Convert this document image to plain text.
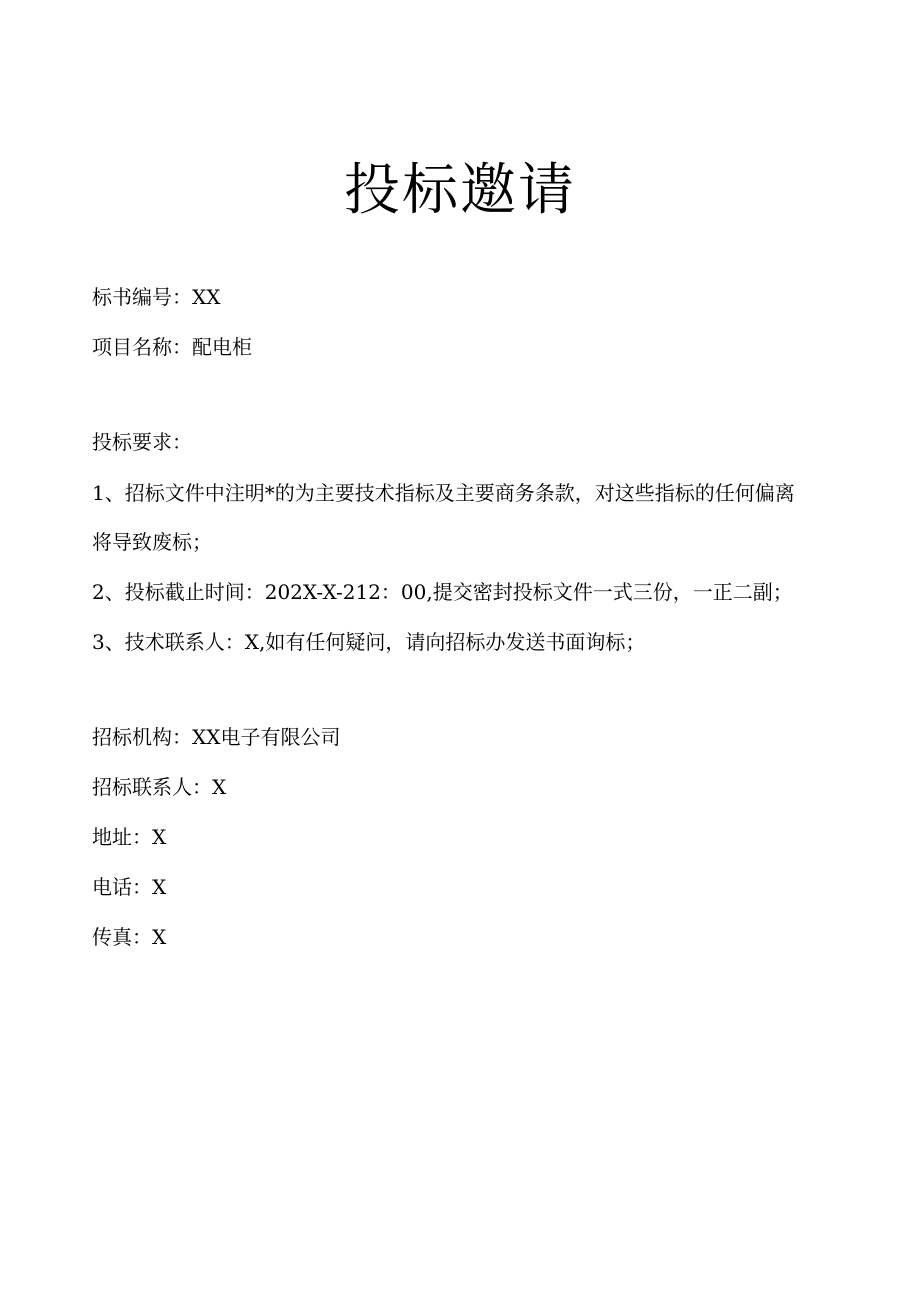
投标邀请
标书编号：XX
项目名称：配电柜
投标要求：
1、招标文件中注明*的为主要技术指标及主要商务条款，对这些指标的任何偏离
将导致废标；
2、投标截止时间：202X-X-212：00,提交密封投标文件一式三份，一正二副；
3、技术联系人：X,如有任何疑问，请向招标办发送书面询标；
招标机构：XX电子有限公司
招标联系人：X
地址：X
电话：X
传真：X
